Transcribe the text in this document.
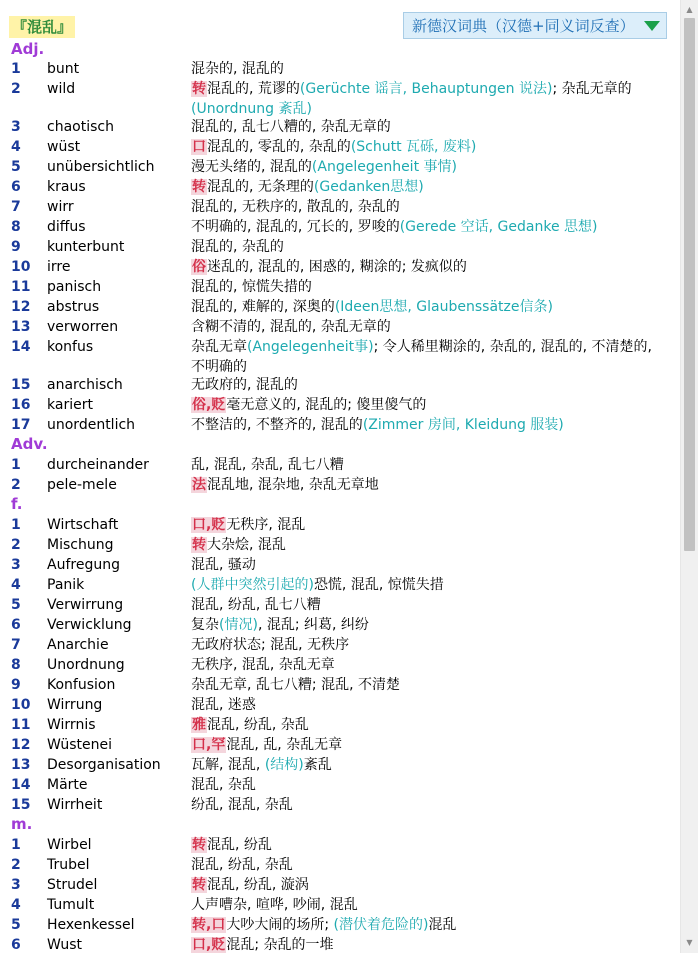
『混乱』	新德汉词典（汉德+同义词反查）
Adj.
1 bunt	混杂的, 混乱的
2 wild	转混乱的, 荒谬的(Gerüchte 谣言, Behauptungen 说法); 杂乱无章的(Unordnung 紊乱)
3 chaotisch	混乱的, 乱七八糟的, 杂乱无章的
4 wüst	口混乱的, 零乱的, 杂乱的(Schutt 瓦砾, 废料)
5 unübersichtlich	漫无头绪的, 混乱的(Angelegenheit 事情)
6 kraus	转混乱的, 无条理的(Gedanken思想)
7 wirr	混乱的, 无秩序的, 散乱的, 杂乱的
8 diffus	不明确的, 混乱的, 冗长的, 罗唆的(Gerede 空话, Gedanke 思想)
9 kunterbunt	混乱的, 杂乱的
10 irre	俗迷乱的, 混乱的, 困惑的, 糊涂的; 发疯似的
11 panisch	混乱的, 惊慌失措的
12 abstrus	混乱的, 难解的, 深奥的(Ideen思想, Glaubenssätze信条)
13 verworren	含糊不清的, 混乱的, 杂乱无章的
14 konfus	杂乱无章(Angelegenheit事); 令人稀里糊涂的, 杂乱的, 混乱的, 不清楚的, 不明确的
15 anarchisch	无政府的, 混乱的
16 kariert	俗,贬毫无意义的, 混乱的; 傻里傻气的
17 unordentlich	不整洁的, 不整齐的, 混乱的(Zimmer 房间, Kleidung 服装)
Adv.
1 durcheinander	乱, 混乱, 杂乱, 乱七八糟
2 pele-mele	法混乱地, 混杂地, 杂乱无章地
f.
1 Wirtschaft	口,贬无秩序, 混乱
2 Mischung	转大杂烩, 混乱
3 Aufregung	混乱, 骚动
4 Panik	(人群中突然引起的)恐慌, 混乱, 惊慌失措
5 Verwirrung	混乱, 纷乱, 乱七八糟
6 Verwicklung	复杂(情况), 混乱; 纠葛, 纠纷
7 Anarchie	无政府状态; 混乱, 无秩序
8 Unordnung	无秩序, 混乱, 杂乱无章
9 Konfusion	杂乱无章, 乱七八糟; 混乱, 不清楚
10 Wirrung	混乱, 迷惑
11 Wirrnis	雅混乱, 纷乱, 杂乱
12 Wüstenei	口,罕混乱, 乱, 杂乱无章
13 Desorganisation 瓦解, 混乱, (结构)紊乱
14 Märte	混乱, 杂乱
15 Wirrheit	纷乱, 混乱, 杂乱
m.
1 Wirbel	转混乱, 纷乱
2 Trubel	混乱, 纷乱, 杂乱
3 Strudel	转混乱, 纷乱, 漩涡
4 Tumult	人声嘈杂, 喧哗, 吵闹, 混乱
5 Hexenkessel	转,口大吵大闹的场所; (潜伏着危险的)混乱
6 Wust	口,贬混乱; 杂乱的一堆
▲
▼
